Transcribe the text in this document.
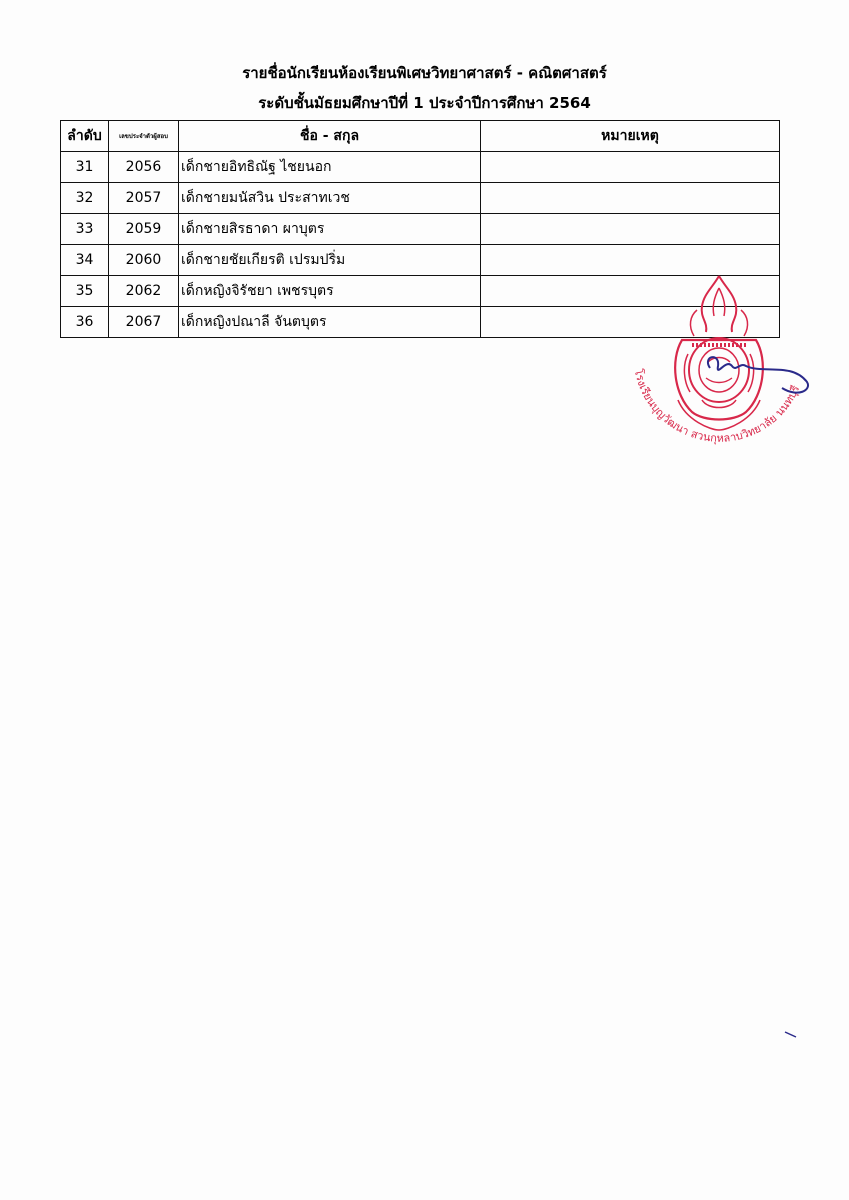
รายชื่อนักเรียนห้องเรียนพิเศษวิทยาศาสตร์ - คณิตศาสตร์
ระดับชั้นมัธยมศึกษาปีที่ 1 ประจำปีการศึกษา 2564
ลำดับ	เลขประจำตัวผู้สอบ	ชื่อ - สกุล	หมายเหตุ
31	2056	เด็กชายอิทธิณัฐ ไชยนอก	
32	2057	เด็กชายมนัสวิน ประสาทเวช	
33	2059	เด็กชายสิรธาดา ผาบุตร	
34	2060	เด็กชายชัยเกียรติ เปรมปริ่ม	
35	2062	เด็กหญิงจิรัชยา เพชรบุตร	
36	2067	เด็กหญิงปณาลี จันตบุตร	
โรงเรียนบุญวัฒนา สวนกุหลาบวิทยาลัย นนทบุรี
